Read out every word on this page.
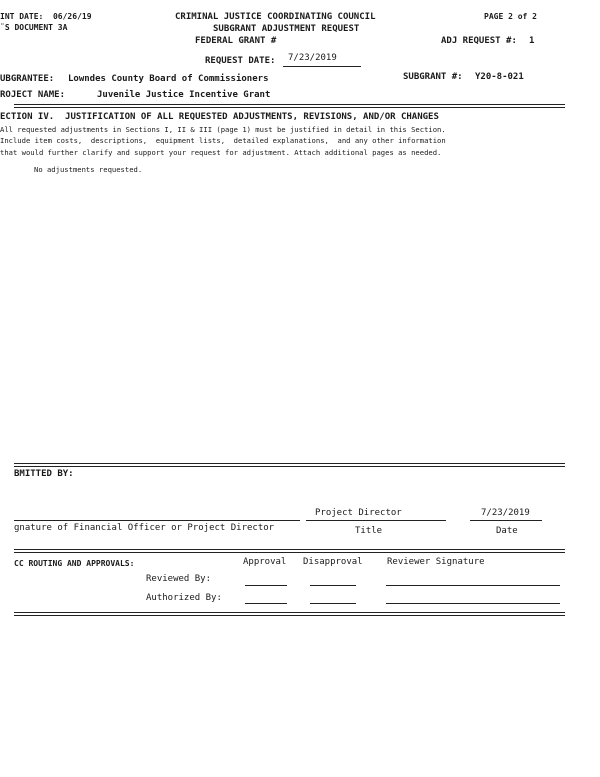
INT DATE:  06/26/19
¨S DOCUMENT 3A
CRIMINAL JUSTICE COORDINATING COUNCIL
SUBGRANT ADJUSTMENT REQUEST
FEDERAL GRANT #
PAGE 2 of 2
ADJ REQUEST #: 1
REQUEST DATE: 7/23/2019
UBGRANTEE: Lowndes County Board of Commissioners	SUBGRANT #: Y20-8-021
ROJECT NAME:	Juvenile Justice Incentive Grant
ECTION IV.  JUSTIFICATION OF ALL REQUESTED ADJUSTMENTS, REVISIONS, AND/OR CHANGES
All requested adjustments in Sections I, II & III (page 1) must be justified in detail in this Section.
Include item costs,  descriptions,  equipment lists,  detailed explanations,  and any other information
that would further clarify and support your request for adjustment. Attach additional pages as needed.
No adjustments requested.
BMITTED BY:
Project Director	7/23/2019
gnature of Financial Officer or Project Director	Title	Date
CC ROUTING AND APPROVALS:	Approval Disapproval	Reviewer Signature
Reviewed By:
Authorized By:
